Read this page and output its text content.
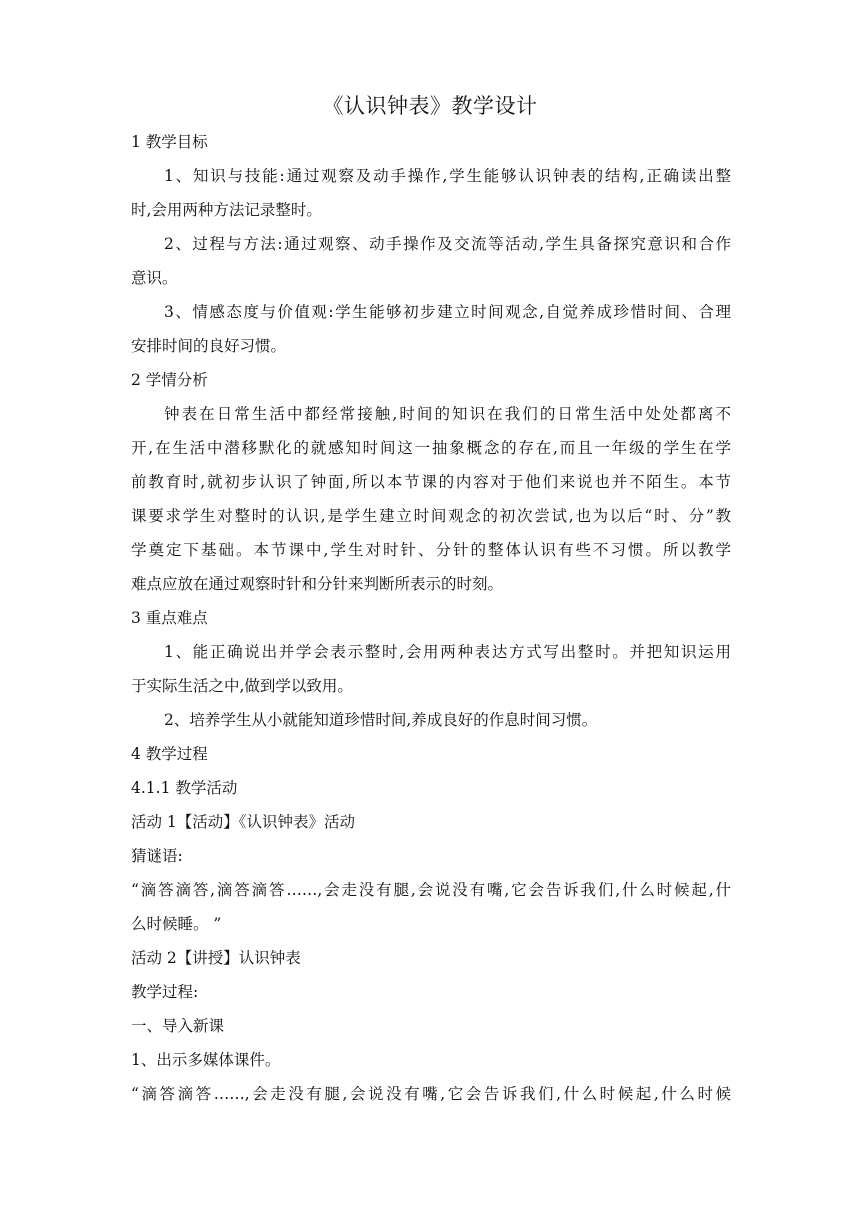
《认识钟表》教学设计
1 教学目标
1、知识与技能:通过观察及动手操作,学生能够认识钟表的结构,正确读出整
时,会用两种方法记录整时。
2、过程与方法:通过观察、动手操作及交流等活动,学生具备探究意识和合作
意识。
3、情感态度与价值观:学生能够初步建立时间观念,自觉养成珍惜时间、合理
安排时间的良好习惯。
2 学情分析
钟表在日常生活中都经常接触,时间的知识在我们的日常生活中处处都离不
开,在生活中潜移默化的就感知时间这一抽象概念的存在,而且一年级的学生在学
前教育时,就初步认识了钟面,所以本节课的内容对于他们来说也并不陌生。本节
课要求学生对整时的认识,是学生建立时间观念的初次尝试,也为以后“时、分”教
学奠定下基础。本节课中,学生对时针、分针的整体认识有些不习惯。所以教学
难点应放在通过观察时针和分针来判断所表示的时刻。
3 重点难点
1、能正确说出并学会表示整时,会用两种表达方式写出整时。并把知识运用
于实际生活之中,做到学以致用。
2、培养学生从小就能知道珍惜时间,养成良好的作息时间习惯。
4 教学过程
4.1.1 教学活动
活动 1【活动】《认识钟表》活动
猜谜语:
“滴答滴答,滴答滴答……,会走没有腿,会说没有嘴,它会告诉我们,什么时候起,什
么时候睡。 ”
活动 2【讲授】认识钟表
教学过程:
一、导入新课
1、出示多媒体课件。
“滴答滴答……,会走没有腿,会说没有嘴,它会告诉我们,什么时候起,什么时候
